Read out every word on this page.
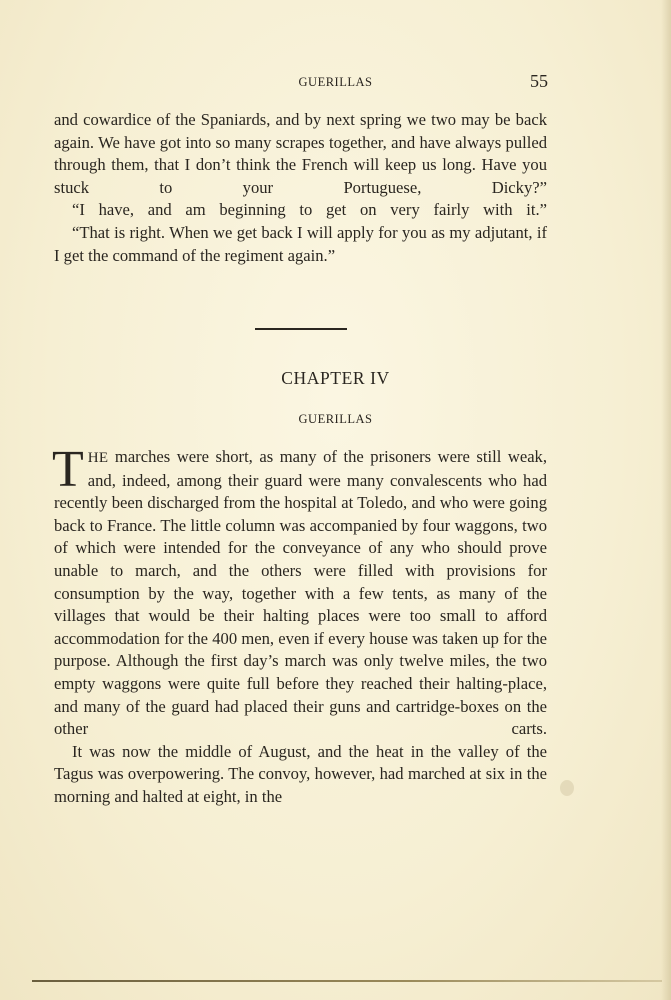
GUERILLAS	55

and cowardice of the Spaniards, and by next spring we two may be back again. We have got into so many scrapes together, and have always pulled through them, that I don’t think the French will keep us long. Have you stuck to your Portuguese, Dicky?”

“I have, and am beginning to get on very fairly with it.”

“That is right. When we get back I will apply for you as my adjutant, if I get the command of the regiment again.”

CHAPTER IV
GUERILLAS

THE marches were short, as many of the prisoners were still weak, and, indeed, among their guard were many convalescents who had recently been discharged from the hospital at Toledo, and who were going back to France. The little column was accompanied by four waggons, two of which were intended for the conveyance of any who should prove unable to march, and the others were filled with provisions for consumption by the way, together with a few tents, as many of the villages that would be their halting places were too small to afford accommodation for the 400 men, even if every house was taken up for the purpose. Although the first day’s march was only twelve miles, the two empty waggons were quite full before they reached their halting-place, and many of the guard had placed their guns and cartridge-boxes on the other carts.

It was now the middle of August, and the heat in the valley of the Tagus was overpowering. The convoy, however, had marched at six in the morning and halted at eight, in the
